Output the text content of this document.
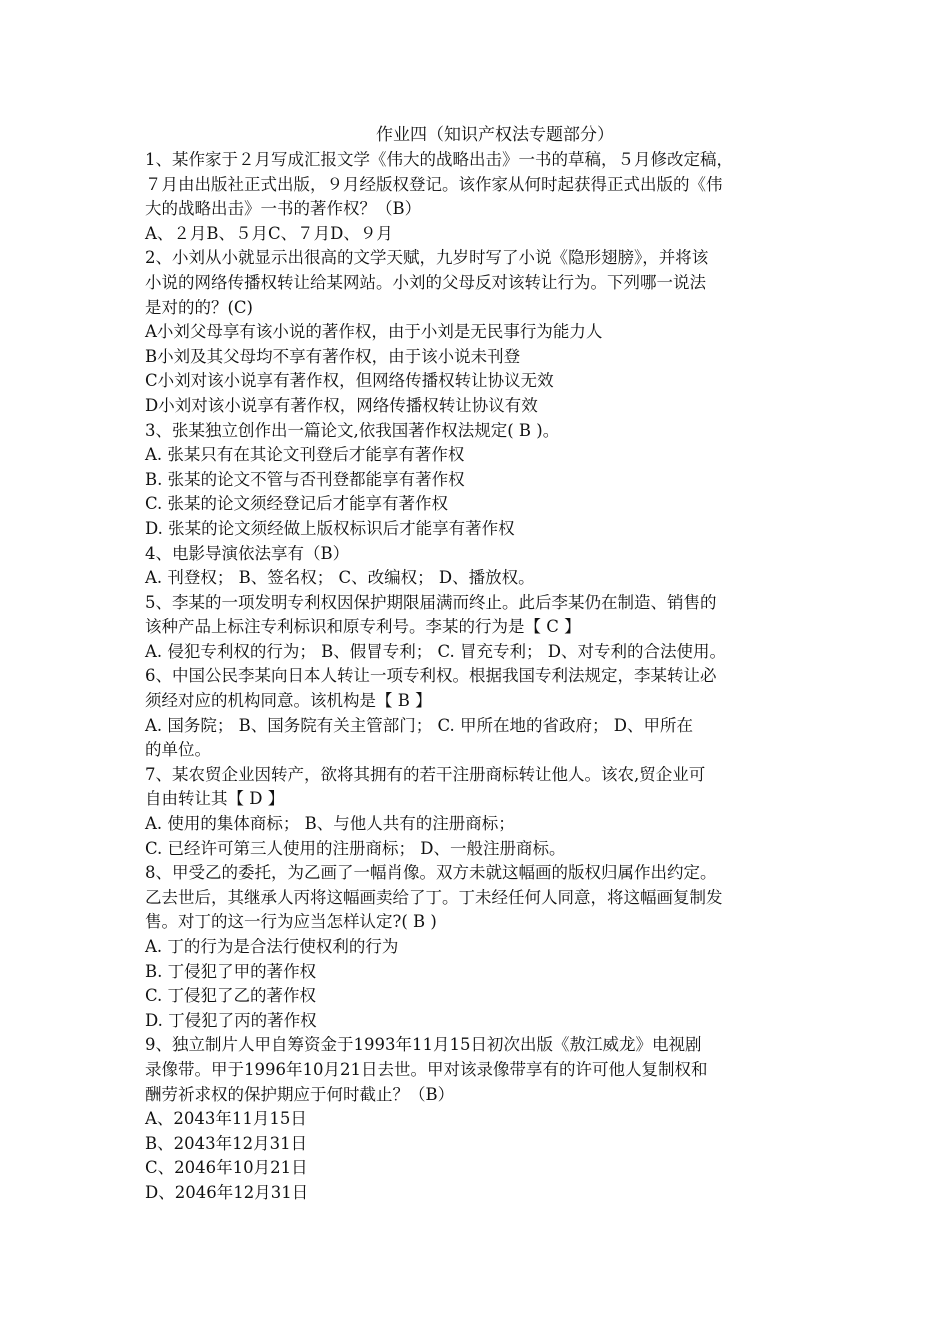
作业四（知识产权法专题部分）
1、某作家于２月写成汇报文学《伟大的战略出击》一书的草稿，５月修改定稿，
７月由出版社正式出版，９月经版权登记。该作家从何时起获得正式出版的《伟
大的战略出击》一书的著作权？（B）
A、２月B、５月C、７月D、９月
2、小刘从小就显示出很高的文学天赋，九岁时写了小说《隐形翅膀》，并将该
小说的网络传播权转让给某网站。小刘的父母反对该转让行为。下列哪一说法
是对的的？(C)
A小刘父母享有该小说的著作权，由于小刘是无民事行为能力人
B小刘及其父母均不享有著作权，由于该小说未刊登
C小刘对该小说享有著作权，但网络传播权转让协议无效
D小刘对该小说享有著作权，网络传播权转让协议有效
3、张某独立创作出一篇论文,依我国著作权法规定( B )。
A. 张某只有在其论文刊登后才能享有著作权
B. 张某的论文不管与否刊登都能享有著作权
C. 张某的论文须经登记后才能享有著作权
D. 张某的论文须经做上版权标识后才能享有著作权
4、电影导演依法享有（B）
A. 刊登权； B、签名权； C、改编权； D、播放权。
5、李某的一项发明专利权因保护期限届满而终止。此后李某仍在制造、销售的
该种产品上标注专利标识和原专利号。李某的行为是【 C 】
A. 侵犯专利权的行为； B、假冒专利； C. 冒充专利； D、对专利的合法使用。
6、中国公民李某向日本人转让一项专利权。根据我国专利法规定，李某转让必
须经对应的机构同意。该机构是【 B 】
A. 国务院； B、国务院有关主管部门； C. 甲所在地的省政府； D、甲所在
的单位。
7、某农贸企业因转产，欲将其拥有的若干注册商标转让他人。该农,贸企业可
自由转让其【 D 】
A. 使用的集体商标； B、与他人共有的注册商标；
C. 已经许可第三人使用的注册商标； D、一般注册商标。
8、甲受乙的委托，为乙画了一幅肖像。双方未就这幅画的版权归属作出约定。
乙去世后，其继承人丙将这幅画卖给了丁。丁未经任何人同意，将这幅画复制发
售。对丁的这一行为应当怎样认定?( B )
A. 丁的行为是合法行使权利的行为
B. 丁侵犯了甲的著作权
C. 丁侵犯了乙的著作权
D. 丁侵犯了丙的著作权
9、独立制片人甲自筹资金于1993年11月15日初次出版《敖江威龙》电视剧
录像带。甲于1996年10月21日去世。甲对该录像带享有的许可他人复制权和
酬劳祈求权的保护期应于何时截止？（B）
A、2043年11月15日
B、2043年12月31日
C、2046年10月21日
D、2046年12月31日
